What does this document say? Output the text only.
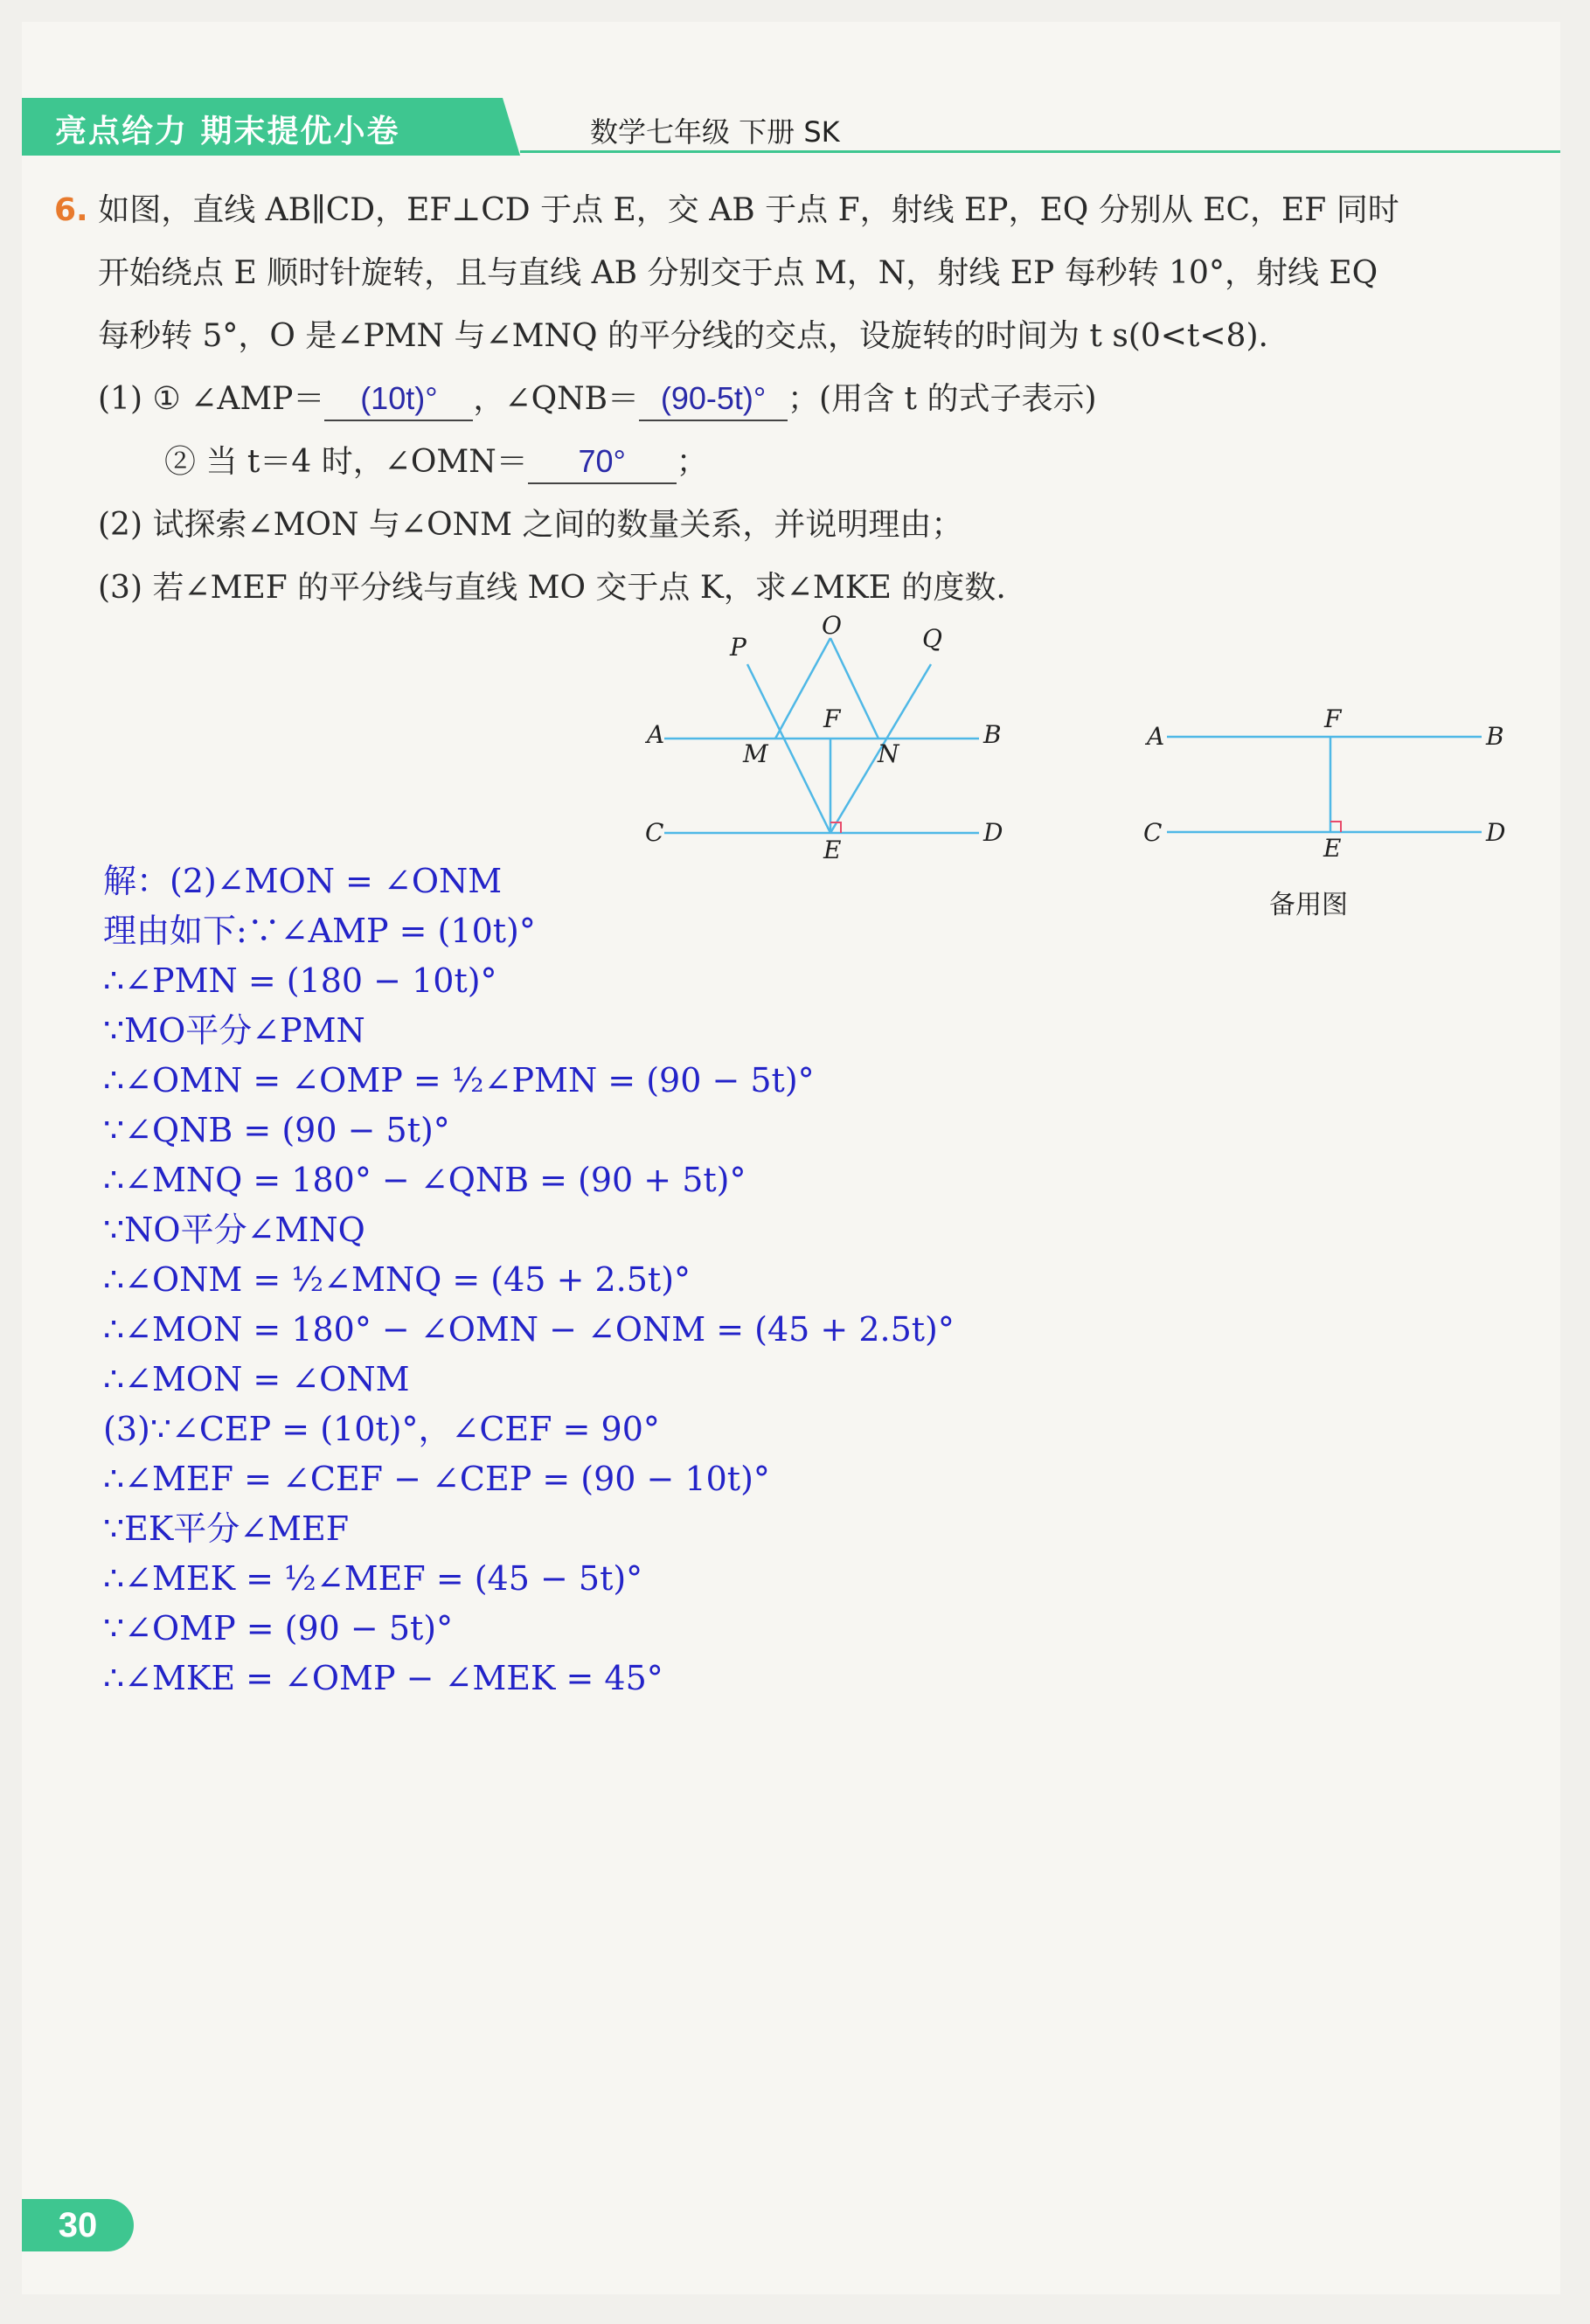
亮点给力 期末提优小卷	数学七年级 下册 SK
6. 如图，直线 AB∥CD，EF⊥CD 于点 E，交 AB 于点 F，射线 EP，EQ 分别从 EC，EF 同时
开始绕点 E 顺时针旋转，且与直线 AB 分别交于点 M，N，射线 EP 每秒转 10°，射线 EQ
每秒转 5°，O 是∠PMN 与∠MNQ 的平分线的交点，设旋转的时间为 t s(0<t<8).
(1) ① ∠AMP＝ (10t)° ，∠QNB＝ (90-5t)° ；(用含 t 的式子表示)
② 当 t＝4 时，∠OMN＝ 70° ；
(2) 试探索∠MON 与∠ONM 之间的数量关系，并说明理由；
(3) 若∠MEF 的平分线与直线 MO 交于点 K，求∠MKE 的度数.
P
O	Q
A
F
B
M	N
C
E
D
A
F
B
C
E
D
备用图
解：(2)∠MON = ∠ONM
理由如下:∵∠AMP = (10t)°
∴∠PMN = (180 − 10t)°
∵MO平分∠PMN
∴∠OMN = ∠OMP = ½∠PMN = (90 − 5t)°
∵∠QNB = (90 − 5t)°
∴∠MNQ = 180° − ∠QNB = (90 + 5t)°
∵NO平分∠MNQ
∴∠ONM = ½∠MNQ = (45 + 2.5t)°
∴∠MON = 180° − ∠OMN − ∠ONM = (45 + 2.5t)°
∴∠MON = ∠ONM
(3)∵∠CEP = (10t)°，∠CEF = 90°
∴∠MEF = ∠CEF − ∠CEP = (90 − 10t)°
∵EK平分∠MEF
∴∠MEK = ½∠MEF = (45 − 5t)°
∵∠OMP = (90 − 5t)°
∴∠MKE = ∠OMP − ∠MEK = 45°
30
